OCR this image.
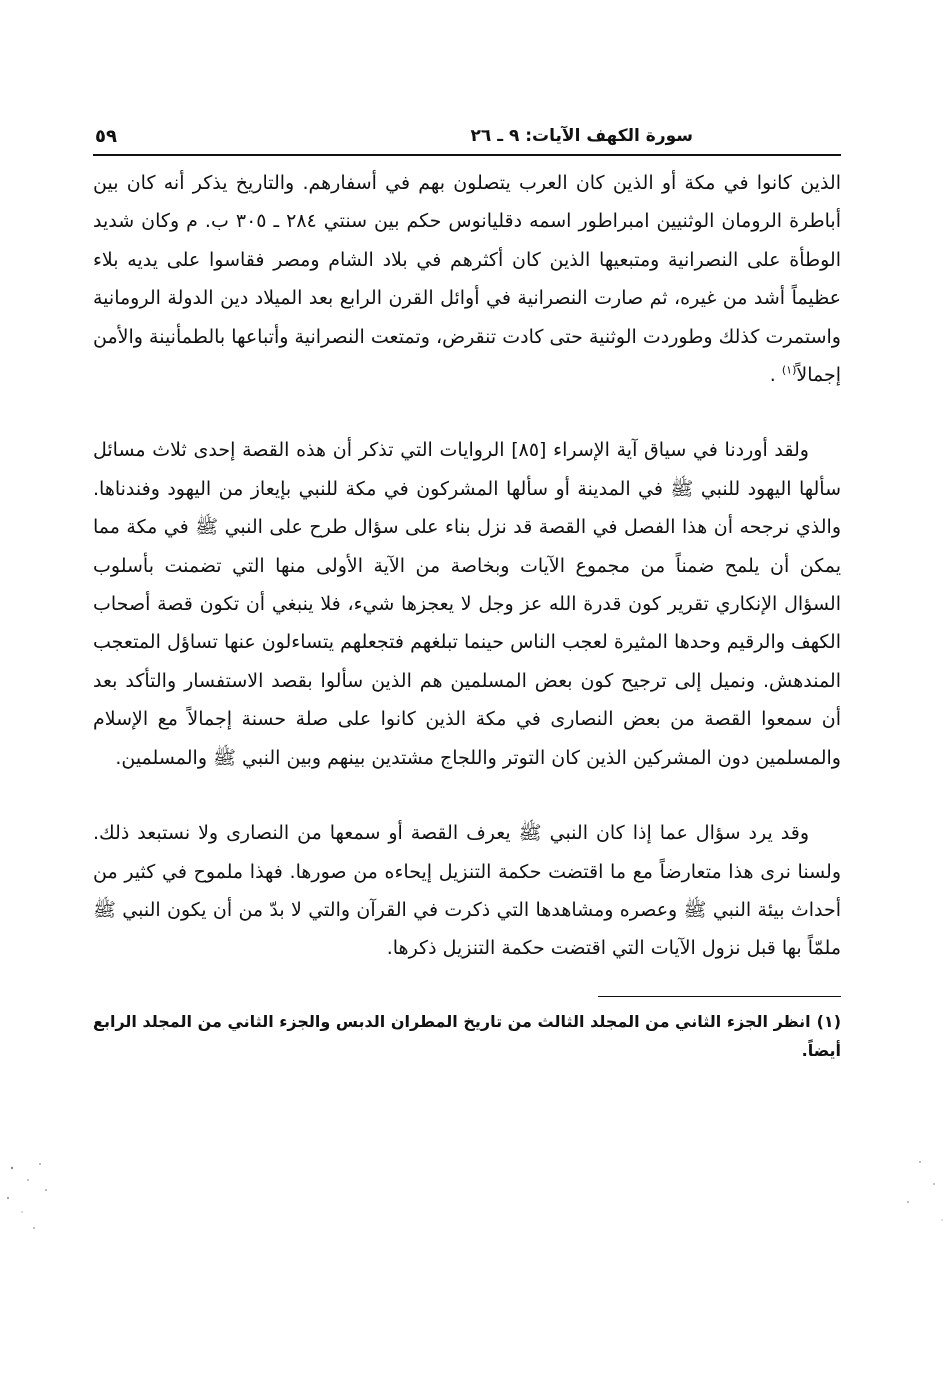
سورة الكهف الآيات: ٩ ـ ٢٦
٥٩

الذين كانوا في مكة أو الذين كان العرب يتصلون بهم في أسفارهم. والتاريخ يذكر أنه كان بين أباطرة الرومان الوثنيين امبراطور اسمه دقليانوس حكم بين سنتي ٢٨٤ ـ ٣٠٥ ب. م وكان شديد الوطأة على النصرانية ومتبعيها الذين كان أكثرهم في بلاد الشام ومصر فقاسوا على يديه بلاء عظيماً أشد من غيره، ثم صارت النصرانية في أوائل القرن الرابع بعد الميلاد دين الدولة الرومانية واستمرت كذلك وطوردت الوثنية حتى كادت تنقرض، وتمتعت النصرانية وأتباعها بالطمأنينة والأمن إجمالاً$^{(١)}$ .

ولقد أوردنا في سياق آية الإسراء [٨٥] الروايات التي تذكر أن هذه القصة إحدى ثلاث مسائل سألها اليهود للنبي ﷺ في المدينة أو سألها المشركون في مكة للنبي بإيعاز من اليهود وفندناها. والذي نرجحه أن هذا الفصل في القصة قد نزل بناء على سؤال طرح على النبي ﷺ في مكة مما يمكن أن يلمح ضمناً من مجموع الآيات وبخاصة من الآية الأولى منها التي تضمنت بأسلوب السؤال الإنكاري تقرير كون قدرة الله عز وجل لا يعجزها شيء، فلا ينبغي أن تكون قصة أصحاب الكهف والرقيم وحدها المثيرة لعجب الناس حينما تبلغهم فتجعلهم يتساءلون عنها تساؤل المتعجب المندهش. ونميل إلى ترجيح كون بعض المسلمين هم الذين سألوا بقصد الاستفسار والتأكد بعد أن سمعوا القصة من بعض النصارى في مكة الذين كانوا على صلة حسنة إجمالاً مع الإسلام والمسلمين دون المشركين الذين كان التوتر واللجاج مشتدين بينهم وبين النبي ﷺ والمسلمين.

وقد يرد سؤال عما إذا كان النبي ﷺ يعرف القصة أو سمعها من النصارى ولا نستبعد ذلك. ولسنا نرى هذا متعارضاً مع ما اقتضت حكمة التنزيل إيحاءه من صورها. فهذا ملموح في كثير من أحداث بيئة النبي ﷺ وعصره ومشاهدها التي ذكرت في القرآن والتي لا بدّ من أن يكون النبي ﷺ ملمّاً بها قبل نزول الآيات التي اقتضت حكمة التنزيل ذكرها.

(١)انظر الجزء الثاني من المجلد الثالث من تاريخ المطران الدبس والجزء الثاني من المجلد الرابع أيضاً.
